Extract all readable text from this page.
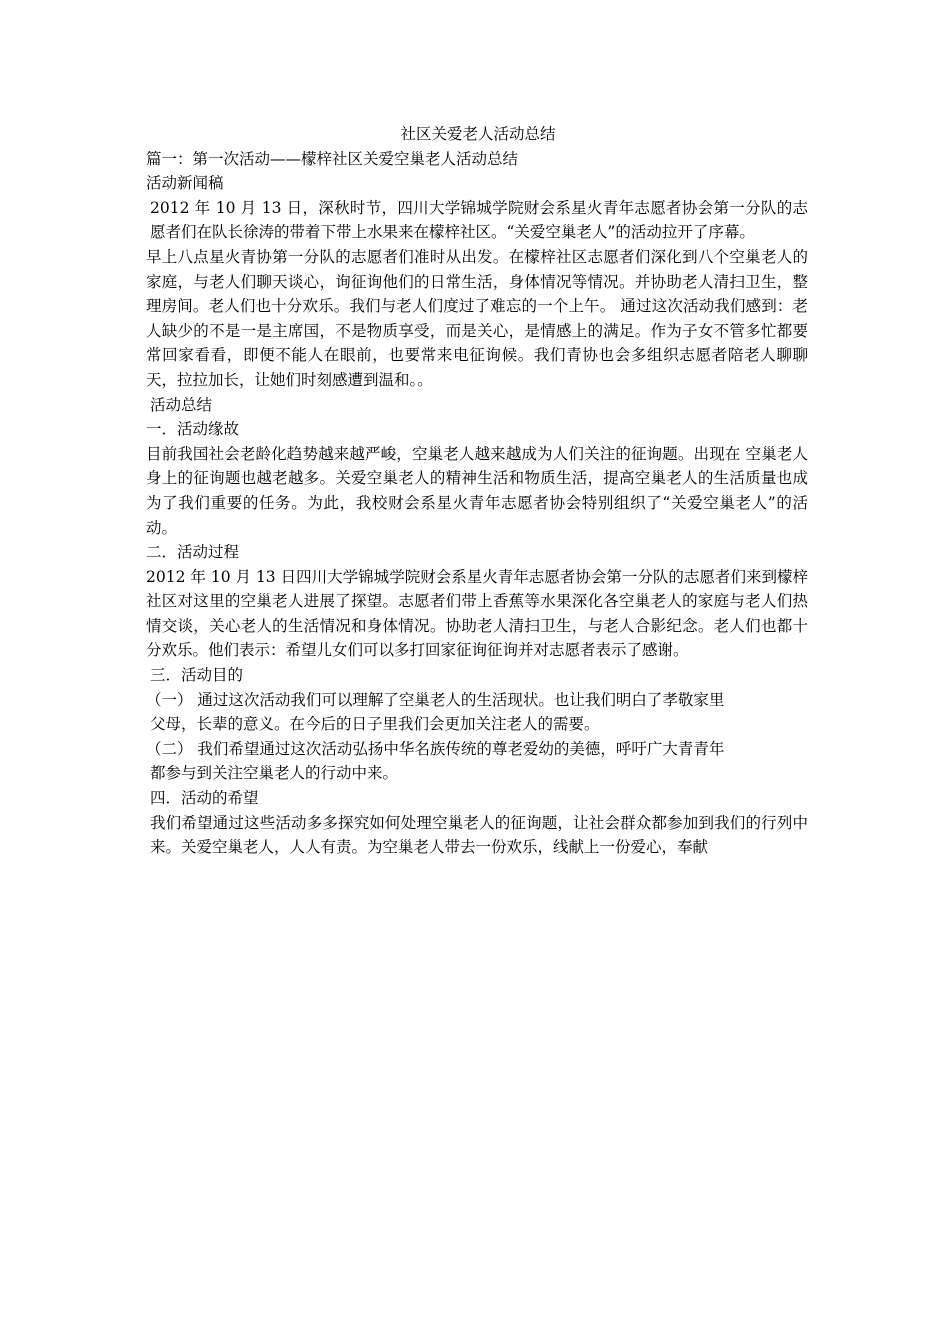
社区关爱老人活动总结

篇一：第一次活动——檬梓社区关爱空巢老人活动总结

活动新闻稿

2012 年 10 月 13 日，深秋时节，四川大学锦城学院财会系星火青年志愿者协会第一分队的志愿者们在队长徐涛的带着下带上水果来在檬梓社区。“关爱空巢老人”的活动拉开了序幕。

早上八点星火青协第一分队的志愿者们准时从出发。在檬梓社区志愿者们深化到八个空巢老人的家庭，与老人们聊天谈心，询征询他们的日常生活，身体情况等情况。并协助老人清扫卫生，整理房间。老人们也十分欢乐。我们与老人们度过了难忘的一个上午。 通过这次活动我们感到：老人缺少的不是一是主席国，不是物质享受，而是关心，是情感上的满足。作为子女不管多忙都要常回家看看，即便不能人在眼前，也要常来电征询候。我们青协也会多组织志愿者陪老人聊聊天，拉拉加长，让她们时刻感遭到温和。。

活动总结

一．活动缘故

目前我国社会老龄化趋势越来越严峻，空巢老人越来越成为人们关注的征询题。出现在 空巢老人身上的征询题也越老越多。关爱空巢老人的精神生活和物质生活，提高空巢老人的生活质量也成为了我们重要的任务。为此，我校财会系星火青年志愿者协会特别组织了“关爱空巢老人”的活动。

二．活动过程

2012 年 10 月 13 日四川大学锦城学院财会系星火青年志愿者协会第一分队的志愿者们来到檬梓社区对这里的空巢老人进展了探望。志愿者们带上香蕉等水果深化各空巢老人的家庭与老人们热情交谈，关心老人的生活情况和身体情况。协助老人清扫卫生，与老人合影纪念。老人们也都十分欢乐。他们表示：希望儿女们可以多打回家征询征询并对志愿者表示了感谢。

三．活动目的

（一） 通过这次活动我们可以理解了空巢老人的生活现状。也让我们明白了孝敬家里

父母，长辈的意义。在今后的日子里我们会更加关注老人的需要。

（二） 我们希望通过这次活动弘扬中华名族传统的尊老爱幼的美德，呼吁广大青青年

都参与到关注空巢老人的行动中来。

四．活动的希望

我们希望通过这些活动多多探究如何处理空巢老人的征询题，让社会群众都参加到我们的行列中来。关爱空巢老人，人人有责。为空巢老人带去一份欢乐，线献上一份爱心，奉献
